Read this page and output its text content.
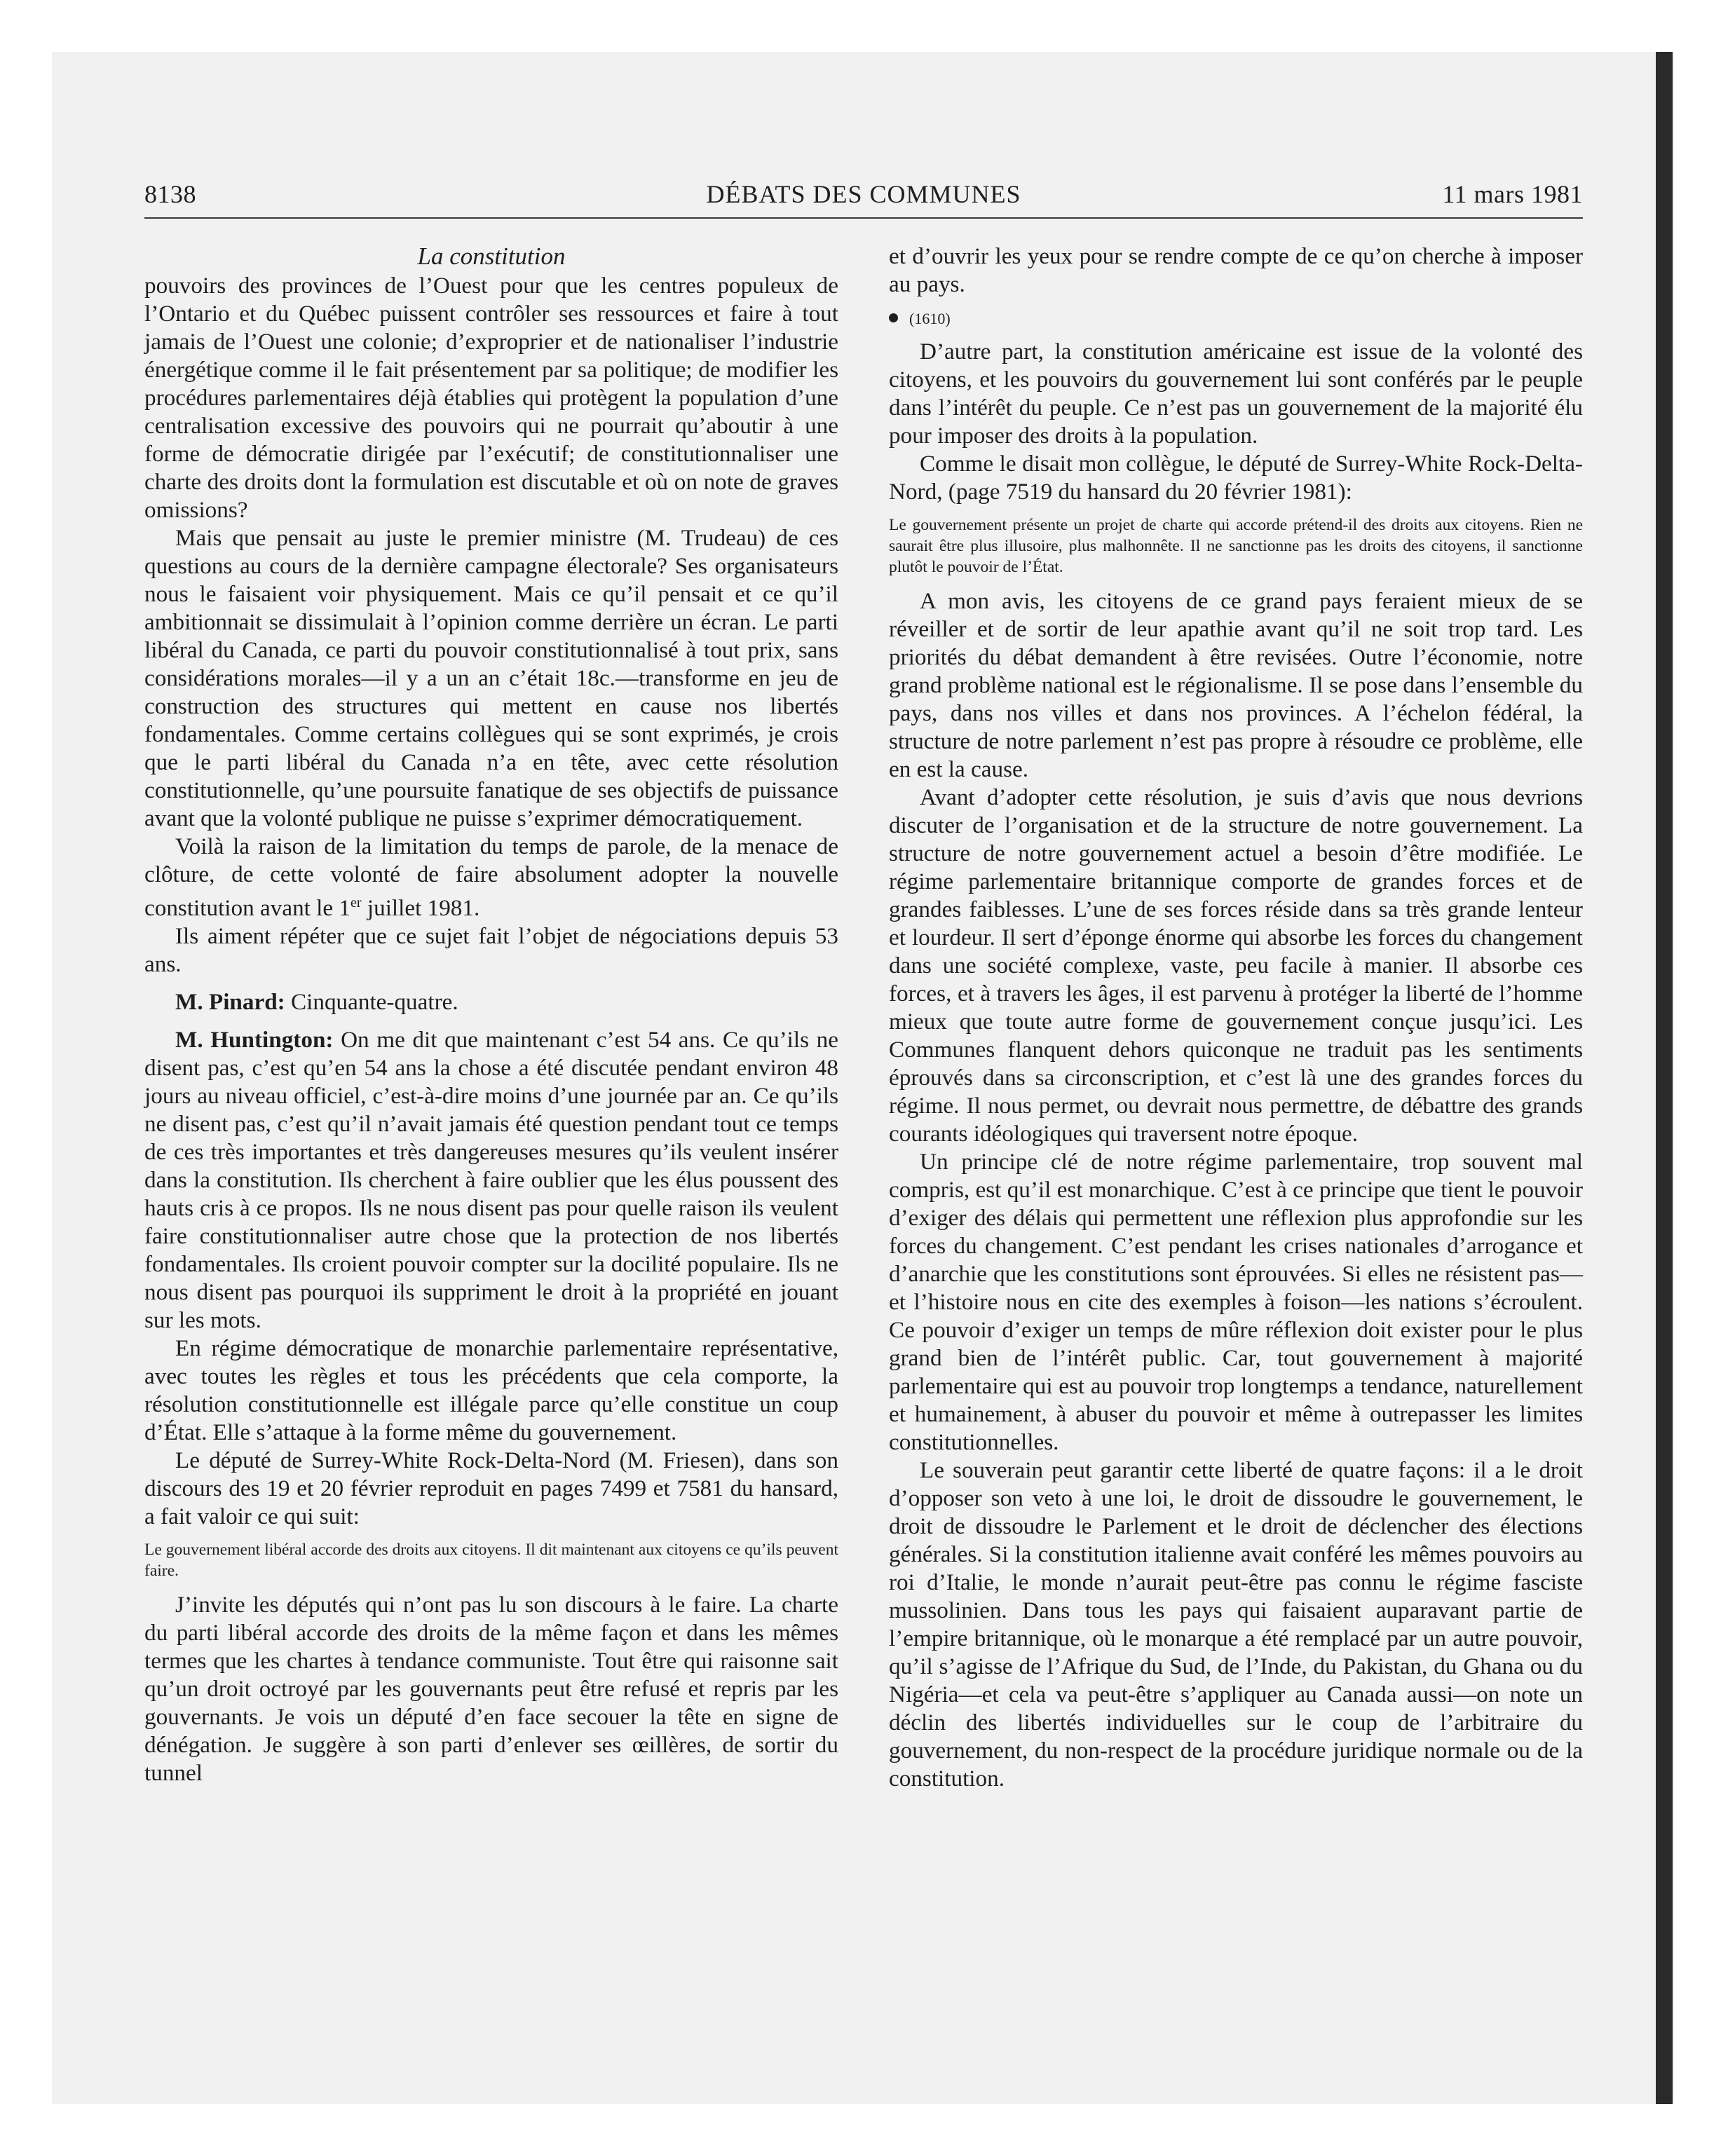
8138	DÉBATS DES COMMUNES	11 mars 1981
La constitution

pouvoirs des provinces de l’Ouest pour que les centres populeux de l’Ontario et du Québec puissent contrôler ses ressources et faire à tout jamais de l’Ouest une colonie; d’exproprier et de nationaliser l’industrie énergétique comme il le fait présentement par sa politique; de modifier les procédures parlementaires déjà établies qui protègent la population d’une centralisation excessive des pouvoirs qui ne pourrait qu’aboutir à une forme de démocratie dirigée par l’exécutif; de constitutionnaliser une charte des droits dont la formulation est discutable et où on note de graves omissions?

Mais que pensait au juste le premier ministre (M. Trudeau) de ces questions au cours de la dernière campagne électorale? Ses organisateurs nous le faisaient voir physiquement. Mais ce qu’il pensait et ce qu’il ambitionnait se dissimulait à l’opinion comme derrière un écran. Le parti libéral du Canada, ce parti du pouvoir constitutionnalisé à tout prix, sans considérations morales—il y a un an c’était 18c.—transforme en jeu de construction des structures qui mettent en cause nos libertés fondamentales. Comme certains collègues qui se sont exprimés, je crois que le parti libéral du Canada n’a en tête, avec cette résolution constitutionnelle, qu’une poursuite fanatique de ses objectifs de puissance avant que la volonté publique ne puisse s’exprimer démocratiquement.

Voilà la raison de la limitation du temps de parole, de la menace de clôture, de cette volonté de faire absolument adopter la nouvelle constitution avant le 1er juillet 1981.

Ils aiment répéter que ce sujet fait l’objet de négociations depuis 53 ans.

M. Pinard: Cinquante-quatre.

M. Huntington: On me dit que maintenant c’est 54 ans. Ce qu’ils ne disent pas, c’est qu’en 54 ans la chose a été discutée pendant environ 48 jours au niveau officiel, c’est-à-dire moins d’une journée par an. Ce qu’ils ne disent pas, c’est qu’il n’avait jamais été question pendant tout ce temps de ces très importantes et très dangereuses mesures qu’ils veulent insérer dans la constitution. Ils cherchent à faire oublier que les élus poussent des hauts cris à ce propos. Ils ne nous disent pas pour quelle raison ils veulent faire constitutionnaliser autre chose que la protection de nos libertés fondamentales. Ils croient pouvoir compter sur la docilité populaire. Ils ne nous disent pas pourquoi ils suppriment le droit à la propriété en jouant sur les mots.

En régime démocratique de monarchie parlementaire représentative, avec toutes les règles et tous les précédents que cela comporte, la résolution constitutionnelle est illégale parce qu’elle constitue un coup d’État. Elle s’attaque à la forme même du gouvernement.

Le député de Surrey-White Rock-Delta-Nord (M. Friesen), dans son discours des 19 et 20 février reproduit en pages 7499 et 7581 du hansard, a fait valoir ce qui suit:

Le gouvernement libéral accorde des droits aux citoyens. Il dit maintenant aux citoyens ce qu’ils peuvent faire.

J’invite les députés qui n’ont pas lu son discours à le faire. La charte du parti libéral accorde des droits de la même façon et dans les mêmes termes que les chartes à tendance communiste. Tout être qui raisonne sait qu’un droit octroyé par les gouvernants peut être refusé et repris par les gouvernants. Je vois un député d’en face secouer la tête en signe de dénégation. Je suggère à son parti d’enlever ses œillères, de sortir du tunnel

et d’ouvrir les yeux pour se rendre compte de ce qu’on cherche à imposer au pays.

(1610)

D’autre part, la constitution américaine est issue de la volonté des citoyens, et les pouvoirs du gouvernement lui sont conférés par le peuple dans l’intérêt du peuple. Ce n’est pas un gouvernement de la majorité élu pour imposer des droits à la population.

Comme le disait mon collègue, le député de Surrey-White Rock-Delta-Nord, (page 7519 du hansard du 20 février 1981):

Le gouvernement présente un projet de charte qui accorde prétend-il des droits aux citoyens. Rien ne saurait être plus illusoire, plus malhonnête. Il ne sanctionne pas les droits des citoyens, il sanctionne plutôt le pouvoir de l’État.

A mon avis, les citoyens de ce grand pays feraient mieux de se réveiller et de sortir de leur apathie avant qu’il ne soit trop tard. Les priorités du débat demandent à être revisées. Outre l’économie, notre grand problème national est le régionalisme. Il se pose dans l’ensemble du pays, dans nos villes et dans nos provinces. A l’échelon fédéral, la structure de notre parlement n’est pas propre à résoudre ce problème, elle en est la cause.

Avant d’adopter cette résolution, je suis d’avis que nous devrions discuter de l’organisation et de la structure de notre gouvernement. La structure de notre gouvernement actuel a besoin d’être modifiée. Le régime parlementaire britannique comporte de grandes forces et de grandes faiblesses. L’une de ses forces réside dans sa très grande lenteur et lourdeur. Il sert d’éponge énorme qui absorbe les forces du changement dans une société complexe, vaste, peu facile à manier. Il absorbe ces forces, et à travers les âges, il est parvenu à protéger la liberté de l’homme mieux que toute autre forme de gouvernement conçue jusqu’ici. Les Communes flanquent dehors quiconque ne traduit pas les sentiments éprouvés dans sa circonscription, et c’est là une des grandes forces du régime. Il nous permet, ou devrait nous permettre, de débattre des grands courants idéologiques qui traversent notre époque.

Un principe clé de notre régime parlementaire, trop souvent mal compris, est qu’il est monarchique. C’est à ce principe que tient le pouvoir d’exiger des délais qui permettent une réflexion plus approfondie sur les forces du changement. C’est pendant les crises nationales d’arrogance et d’anarchie que les constitutions sont éprouvées. Si elles ne résistent pas—et l’histoire nous en cite des exemples à foison—les nations s’écroulent. Ce pouvoir d’exiger un temps de mûre réflexion doit exister pour le plus grand bien de l’intérêt public. Car, tout gouvernement à majorité parlementaire qui est au pouvoir trop longtemps a tendance, naturellement et humainement, à abuser du pouvoir et même à outrepasser les limites constitutionnelles.

Le souverain peut garantir cette liberté de quatre façons: il a le droit d’opposer son veto à une loi, le droit de dissoudre le gouvernement, le droit de dissoudre le Parlement et le droit de déclencher des élections générales. Si la constitution italienne avait conféré les mêmes pouvoirs au roi d’Italie, le monde n’aurait peut-être pas connu le régime fasciste mussolinien. Dans tous les pays qui faisaient auparavant partie de l’empire britannique, où le monarque a été remplacé par un autre pouvoir, qu’il s’agisse de l’Afrique du Sud, de l’Inde, du Pakistan, du Ghana ou du Nigéria—et cela va peut-être s’appliquer au Canada aussi—on note un déclin des libertés individuelles sur le coup de l’arbitraire du gouvernement, du non-respect de la procédure juridique normale ou de la constitution.
